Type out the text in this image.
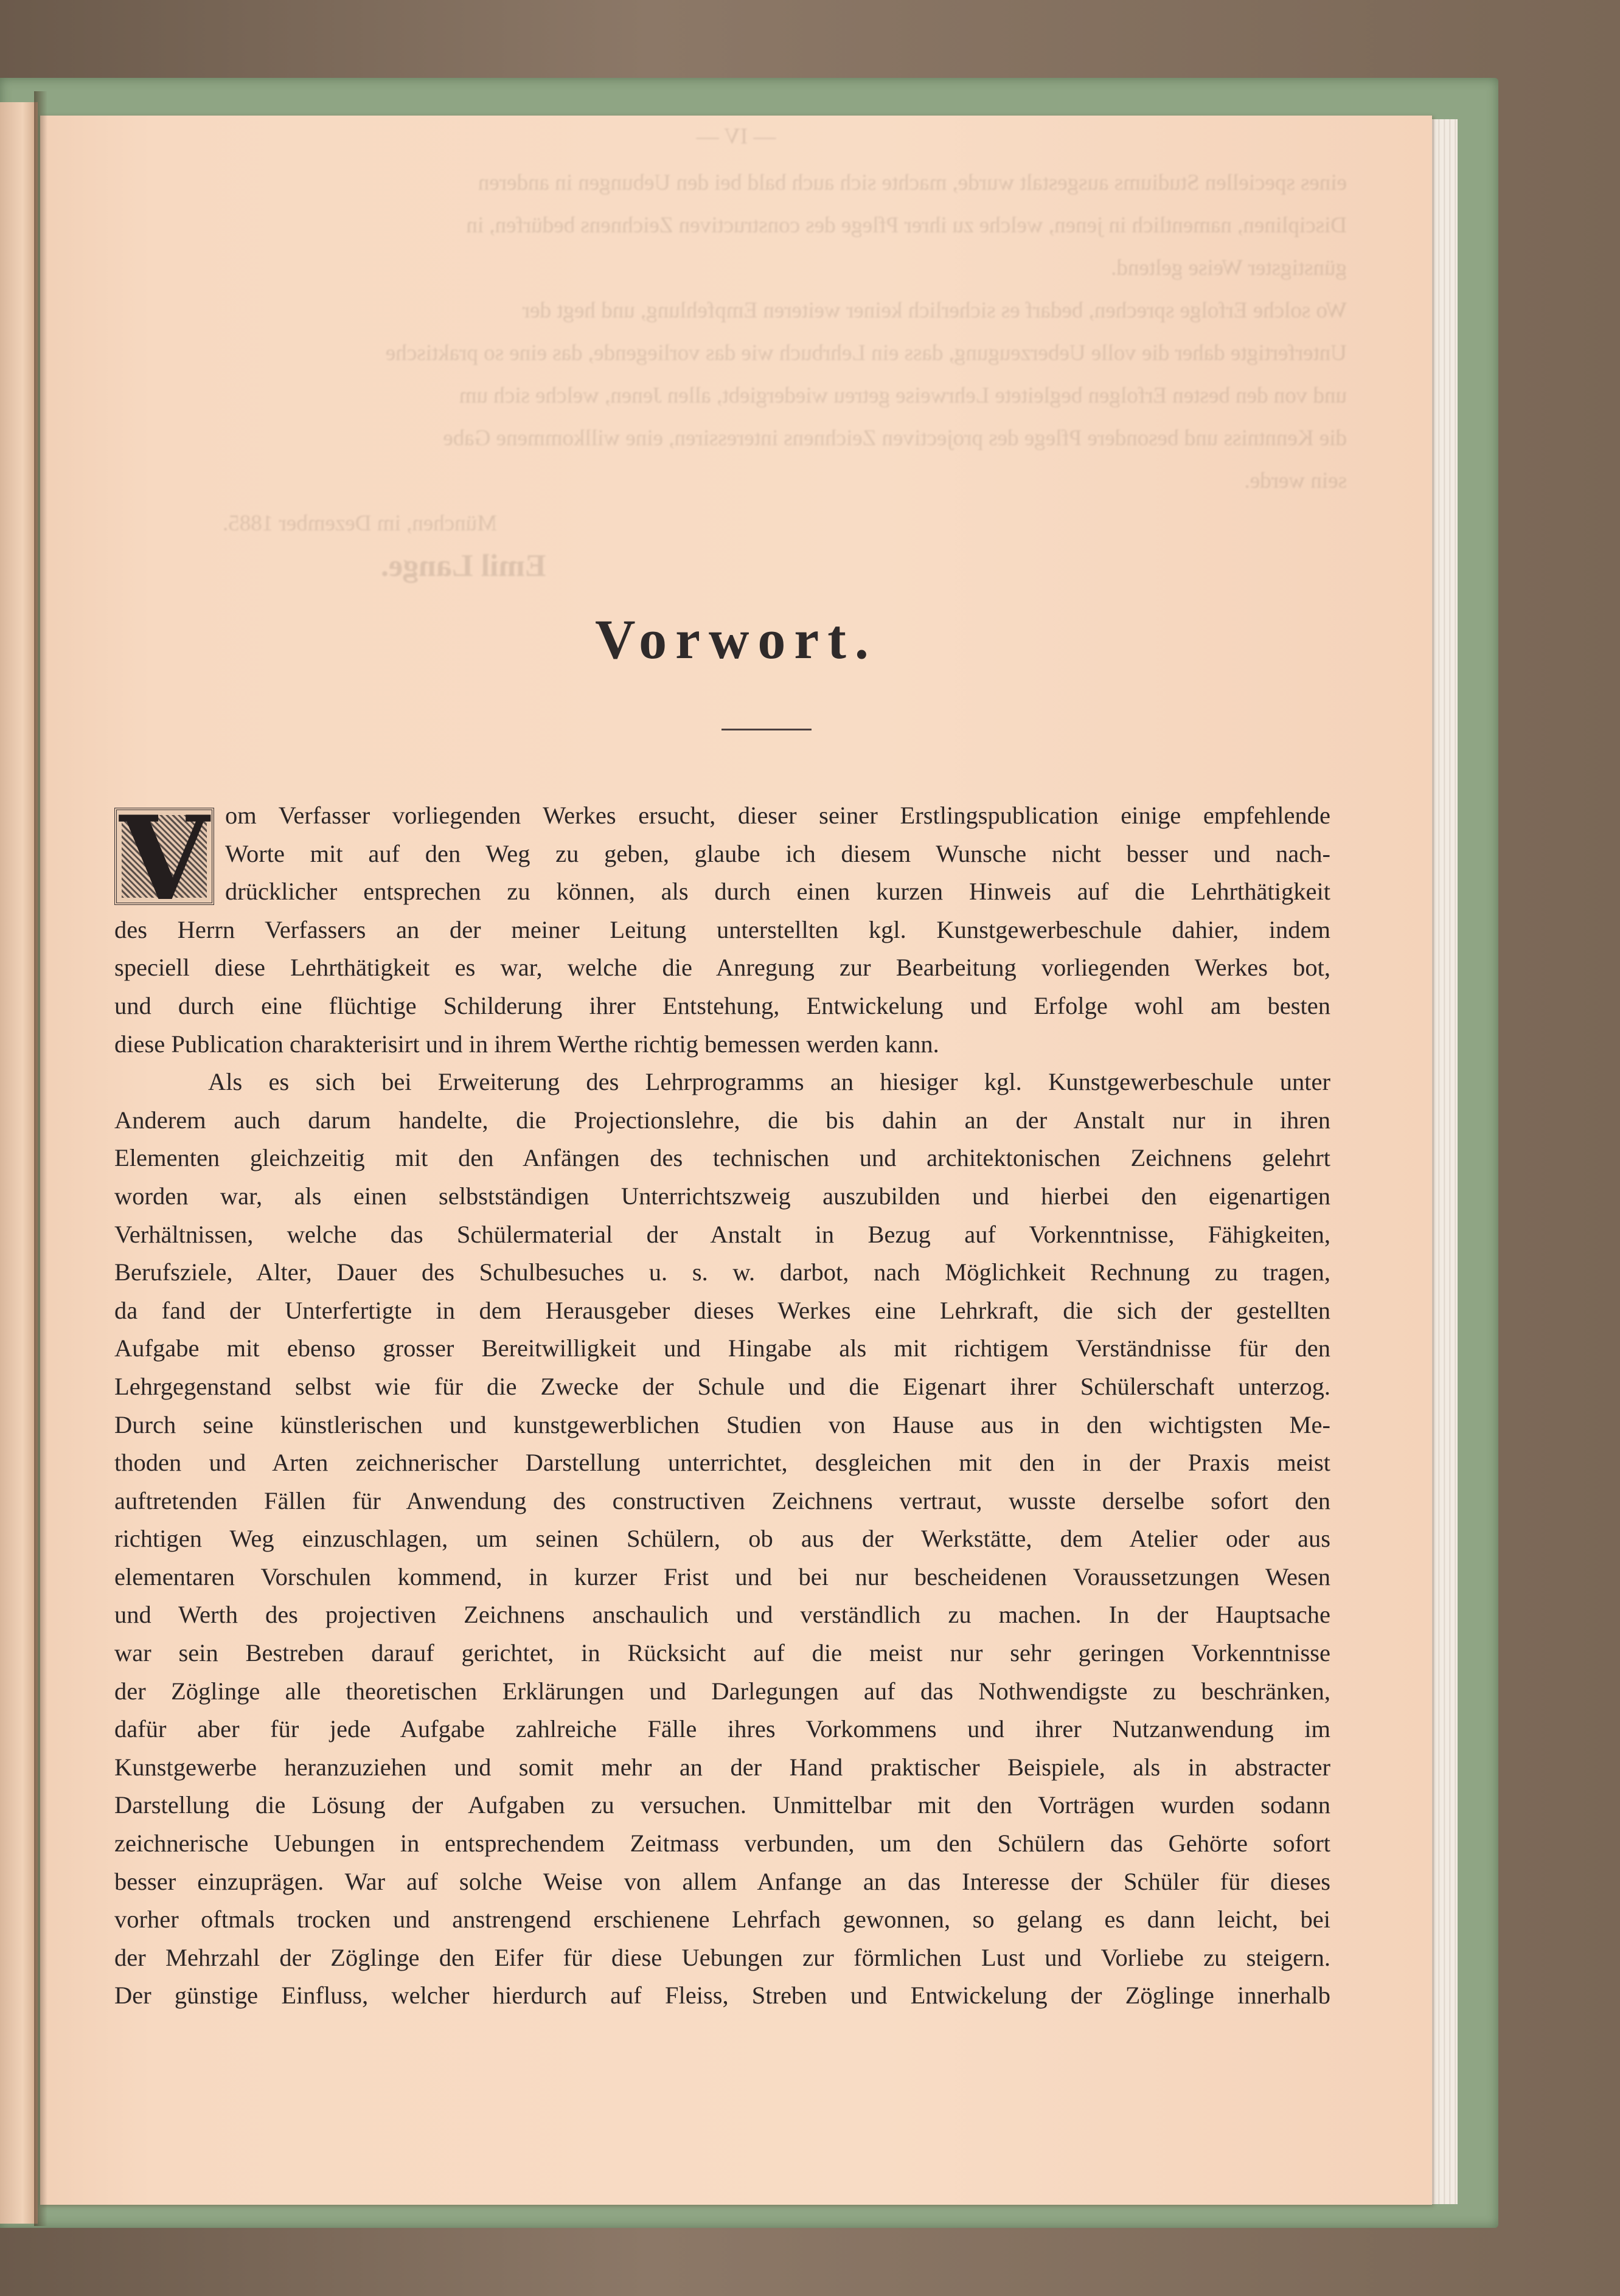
— IV —

eines speciellen Studiums ausgestalt wurde, machte sich auch bald bei den Uebungen in anderen

Disciplinen, namentlich in jenen, welche zu ihrer Pflege des constructiven Zeichnens bedürfen, in

günstigster Weise geltend.

Wo solche Erfolge sprechen, bedarf es sicherlich keiner weiteren Empfehlung, und hegt der

Unterfertigte daher die volle Ueberzeugung, dass ein Lehrbuch wie das vorliegende, das eine so praktische

und von den besten Erfolgen begleitete Lehrweise getreu wiedergiebt, allen Jenen, welche sich um

die Kenntniss und besondere Pflege des projectiven Zeichnens interessiren, eine willkommene Gabe

sein werde.

München, im Dezember 1885.

Emil Lange.

Vorwort.
V om Verfasser vorliegenden Werkes ersucht, dieser seiner Erstlingspublication einige empfehlende
Worte mit auf den Weg zu geben, glaube ich diesem Wunsche nicht besser und nach-
drücklicher entsprechen zu können, als durch einen kurzen Hinweis auf die Lehrthätigkeit
des Herrn Verfassers an der meiner Leitung unterstellten kgl. Kunstgewerbeschule dahier, indem
speciell diese Lehrthätigkeit es war, welche die Anregung zur Bearbeitung vorliegenden Werkes bot,
und durch eine flüchtige Schilderung ihrer Entstehung, Entwickelung und Erfolge wohl am besten
diese Publication charakterisirt und in ihrem Werthe richtig bemessen werden kann.
Als es sich bei Erweiterung des Lehrprogramms an hiesiger kgl. Kunstgewerbeschule unter
Anderem auch darum handelte, die Projectionslehre, die bis dahin an der Anstalt nur in ihren
Elementen gleichzeitig mit den Anfängen des technischen und architektonischen Zeichnens gelehrt
worden war, als einen selbstständigen Unterrichtszweig auszubilden und hierbei den eigenartigen
Verhältnissen, welche das Schülermaterial der Anstalt in Bezug auf Vorkenntnisse, Fähigkeiten,
Berufsziele, Alter, Dauer des Schulbesuches u. s. w. darbot, nach Möglichkeit Rechnung zu tragen,
da fand der Unterfertigte in dem Herausgeber dieses Werkes eine Lehrkraft, die sich der gestellten
Aufgabe mit ebenso grosser Bereitwilligkeit und Hingabe als mit richtigem Verständnisse für den
Lehrgegenstand selbst wie für die Zwecke der Schule und die Eigenart ihrer Schülerschaft unterzog.
Durch seine künstlerischen und kunstgewerblichen Studien von Hause aus in den wichtigsten Me-
thoden und Arten zeichnerischer Darstellung unterrichtet, desgleichen mit den in der Praxis meist
auftretenden Fällen für Anwendung des constructiven Zeichnens vertraut, wusste derselbe sofort den
richtigen Weg einzuschlagen, um seinen Schülern, ob aus der Werkstätte, dem Atelier oder aus
elementaren Vorschulen kommend, in kurzer Frist und bei nur bescheidenen Voraussetzungen Wesen
und Werth des projectiven Zeichnens anschaulich und verständlich zu machen. In der Hauptsache
war sein Bestreben darauf gerichtet, in Rücksicht auf die meist nur sehr geringen Vorkenntnisse
der Zöglinge alle theoretischen Erklärungen und Darlegungen auf das Nothwendigste zu beschränken,
dafür aber für jede Aufgabe zahlreiche Fälle ihres Vorkommens und ihrer Nutzanwendung im
Kunstgewerbe heranzuziehen und somit mehr an der Hand praktischer Beispiele, als in abstracter
Darstellung die Lösung der Aufgaben zu versuchen. Unmittelbar mit den Vorträgen wurden sodann
zeichnerische Uebungen in entsprechendem Zeitmass verbunden, um den Schülern das Gehörte sofort
besser einzuprägen. War auf solche Weise von allem Anfange an das Interesse der Schüler für dieses
vorher oftmals trocken und anstrengend erschienene Lehrfach gewonnen, so gelang es dann leicht, bei
der Mehrzahl der Zöglinge den Eifer für diese Uebungen zur förmlichen Lust und Vorliebe zu steigern.
Der günstige Einfluss, welcher hierdurch auf Fleiss, Streben und Entwickelung der Zöglinge innerhalb
